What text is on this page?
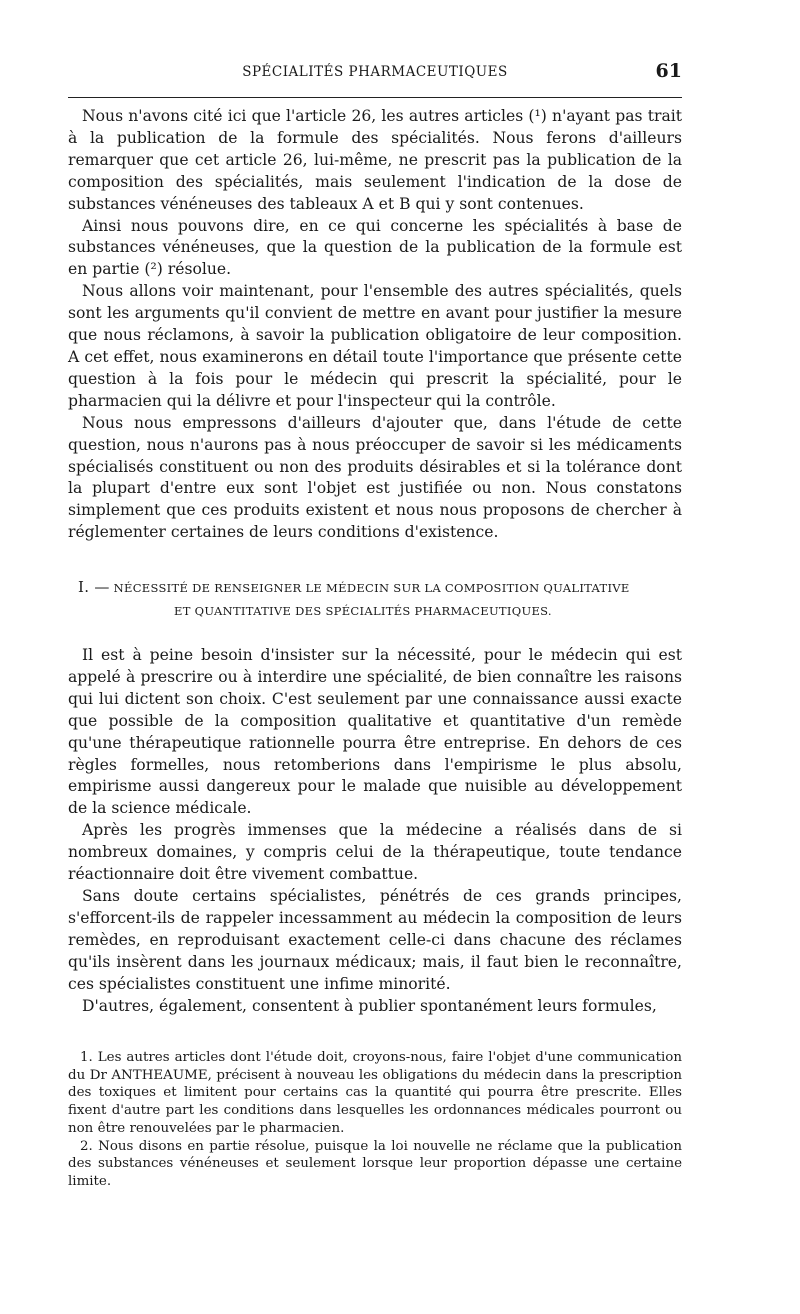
SPÉCIALITÉS PHARMACEUTIQUES	61

Nous n'avons cité ici que l'article 26, les autres articles (¹) n'ayant pas trait à la publication de la formule des spécialités. Nous ferons d'ailleurs remarquer que cet article 26, lui-même, ne prescrit pas la publication de la composition des spécialités, mais seulement l'indication de la dose de substances vénéneuses des tableaux A et B qui y sont contenues.

Ainsi nous pouvons dire, en ce qui concerne les spécialités à base de substances vénéneuses, que la question de la publication de la formule est en partie (²) résolue.

Nous allons voir maintenant, pour l'ensemble des autres spécialités, quels sont les arguments qu'il convient de mettre en avant pour justifier la mesure que nous réclamons, à savoir la publication obligatoire de leur composition. A cet effet, nous examinerons en détail toute l'importance que présente cette question à la fois pour le médecin qui prescrit la spécialité, pour le pharmacien qui la délivre et pour l'inspecteur qui la contrôle.

Nous nous empressons d'ailleurs d'ajouter que, dans l'étude de cette question, nous n'aurons pas à nous préoccuper de savoir si les médicaments spécialisés constituent ou non des produits désirables et si la tolérance dont la plupart d'entre eux sont l'objet est justifiée ou non. Nous constatons simplement que ces produits existent et nous nous proposons de chercher à réglementer certaines de leurs conditions d'existence.

I. — NÉCESSITÉ DE RENSEIGNER LE MÉDECIN SUR LA COMPOSITION QUALITATIVE
ET QUANTITATIVE DES SPÉCIALITÉS PHARMACEUTIQUES.

Il est à peine besoin d'insister sur la nécessité, pour le médecin qui est appelé à prescrire ou à interdire une spécialité, de bien connaître les raisons qui lui dictent son choix. C'est seulement par une connaissance aussi exacte que possible de la composition qualitative et quantitative d'un remède qu'une thérapeutique rationnelle pourra être entreprise. En dehors de ces règles formelles, nous retomberions dans l'empirisme le plus absolu, empirisme aussi dangereux pour le malade que nuisible au développement de la science médicale.

Après les progrès immenses que la médecine a réalisés dans de si nombreux domaines, y compris celui de la thérapeutique, toute tendance réactionnaire doit être vivement combattue.

Sans doute certains spécialistes, pénétrés de ces grands principes, s'efforcent-ils de rappeler incessamment au médecin la composition de leurs remèdes, en reproduisant exactement celle-ci dans chacune des réclames qu'ils insèrent dans les journaux médicaux; mais, il faut bien le reconnaître, ces spécialistes constituent une infime minorité.

D'autres, également, consentent à publier spontanément leurs formules,

1. Les autres articles dont l'étude doit, croyons-nous, faire l'objet d'une communication du Dr ANTHEAUME, précisent à nouveau les obligations du médecin dans la prescription des toxiques et limitent pour certains cas la quantité qui pourra être prescrite. Elles fixent d'autre part les conditions dans lesquelles les ordonnances médicales pourront ou non être renouvelées par le pharmacien.

2. Nous disons en partie résolue, puisque la loi nouvelle ne réclame que la publication des substances vénéneuses et seulement lorsque leur proportion dépasse une certaine limite.
